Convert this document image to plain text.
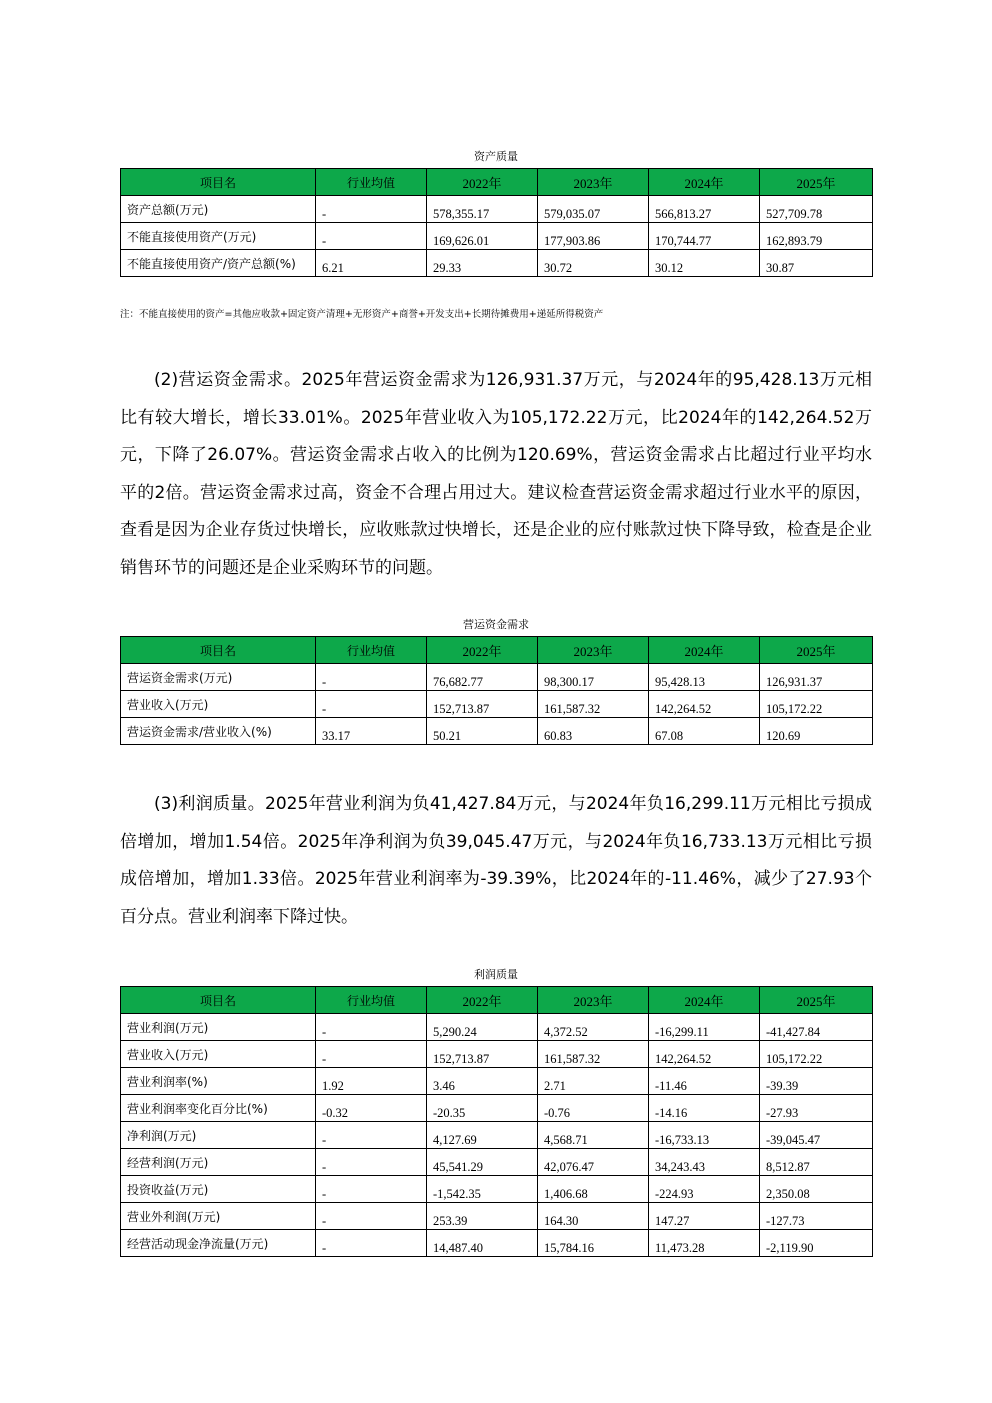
资产质量
项目名	行业均值	2022年	2023年	2024年	2025年
资产总额(万元)	-	578,355.17	579,035.07	566,813.27	527,709.78
不能直接使用资产(万元)	-	169,626.01	177,903.86	170,744.77	162,893.79
不能直接使用资产/资产总额(%)	6.21	29.33	30.72	30.12	30.87
注：不能直接使用的资产=其他应收款+固定资产清理+无形资产+商誉+开发支出+长期待摊费用+递延所得税资产

(2)营运资金需求。2025年营运资金需求为126,931.37万元，与2024年的95,428.13万元相比有较大增长，增长33.01%。2025年营业收入为105,172.22万元，比2024年的142,264.52万元，下降了26.07%。营运资金需求占收入的比例为120.69%，营运资金需求占比超过行业平均水平的2倍。营运资金需求过高，资金不合理占用过大。建议检查营运资金需求超过行业水平的原因，查看是因为企业存货过快增长，应收账款过快增长，还是企业的应付账款过快下降导致，检查是企业销售环节的问题还是企业采购环节的问题。

营运资金需求
项目名	行业均值	2022年	2023年	2024年	2025年
营运资金需求(万元)	-	76,682.77	98,300.17	95,428.13	126,931.37
营业收入(万元)	-	152,713.87	161,587.32	142,264.52	105,172.22
营运资金需求/营业收入(%)	33.17	50.21	60.83	67.08	120.69

(3)利润质量。2025年营业利润为负41,427.84万元，与2024年负16,299.11万元相比亏损成倍增加，增加1.54倍。2025年净利润为负39,045.47万元，与2024年负16,733.13万元相比亏损成倍增加，增加1.33倍。2025年营业利润率为-39.39%，比2024年的-11.46%，减少了27.93个百分点。营业利润率下降过快。

利润质量
项目名	行业均值	2022年	2023年	2024年	2025年
营业利润(万元)	-	5,290.24	4,372.52	-16,299.11	-41,427.84
营业收入(万元)	-	152,713.87	161,587.32	142,264.52	105,172.22
营业利润率(%)	1.92	3.46	2.71	-11.46	-39.39
营业利润率变化百分比(%)	-0.32	-20.35	-0.76	-14.16	-27.93
净利润(万元)	-	4,127.69	4,568.71	-16,733.13	-39,045.47
经营利润(万元)	-	45,541.29	42,076.47	34,243.43	8,512.87
投资收益(万元)	-	-1,542.35	1,406.68	-224.93	2,350.08
营业外利润(万元)	-	253.39	164.30	147.27	-127.73
经营活动现金净流量(万元)	-	14,487.40	15,784.16	11,473.28	-2,119.90
